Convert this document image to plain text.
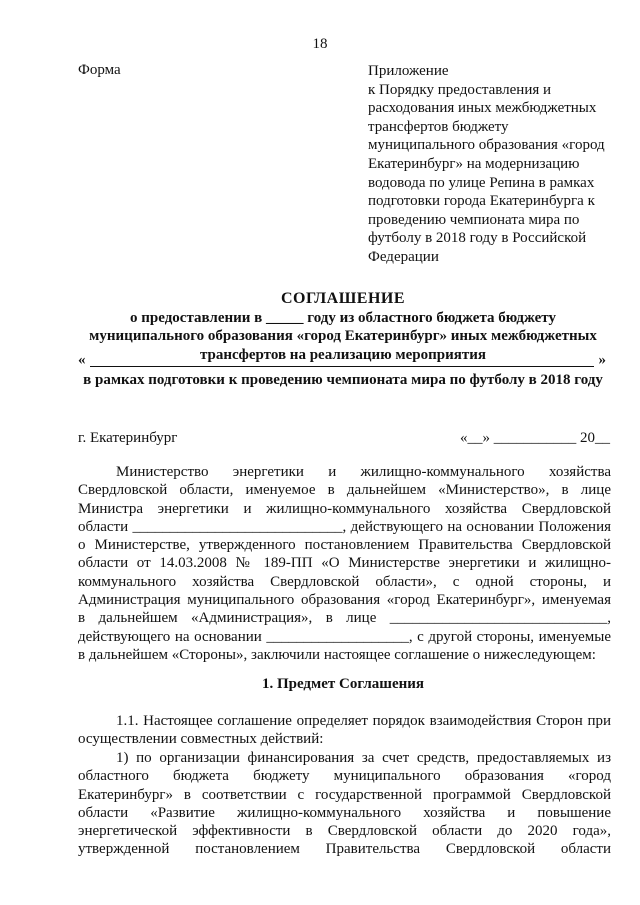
18
Форма	Приложение
к Порядку предоставления и
расходования иных межбюджетных
трансфертов бюджету
муниципального образования «город
Екатеринбург» на модернизацию
водовода по улице Репина в рамках
подготовки города Екатеринбурга к
проведению чемпионата мира по
футболу в 2018 году в Российской
Федерации
СОГЛАШЕНИЕ
о предоставлении в _____ году из областного бюджета бюджету
муниципального образования «город Екатеринбург» иных межбюджетных
трансфертов на реализацию мероприятия
«	»
в рамках подготовки к проведению чемпионата мира по футболу в 2018 году
г. Екатеринбург	«__» ___________ 20__
Министерство энергетики и жилищно-коммунального хозяйства
Свердловской области, именуемое в дальнейшем «Министерство», в лице
Министра энергетики и жилищно-коммунального хозяйства Свердловской
области ____________________________, действующего на основании Положения
о Министерстве, утвержденного постановлением Правительства Свердловской
области от 14.03.2008 № 189-ПП «О Министерстве энергетики и жилищно-
коммунального хозяйства Свердловской области», с одной стороны, и
Администрация муниципального образования «город Екатеринбург», именуемая
в дальнейшем «Администрация», в лице _____________________________,
действующего на основании ___________________, с другой стороны, именуемые
в дальнейшем «Стороны», заключили настоящее соглашение о нижеследующем:
1. Предмет Соглашения
1.1. Настоящее соглашение определяет порядок взаимодействия Сторон при
осуществлении совместных действий:
1) по организации финансирования за счет средств, предоставляемых из
областного бюджета бюджету муниципального образования «город
Екатеринбург» в соответствии с государственной программой Свердловской
области «Развитие жилищно-коммунального хозяйства и повышение
энергетической эффективности в Свердловской области до 2020 года»,
утвержденной постановлением Правительства Свердловской области
